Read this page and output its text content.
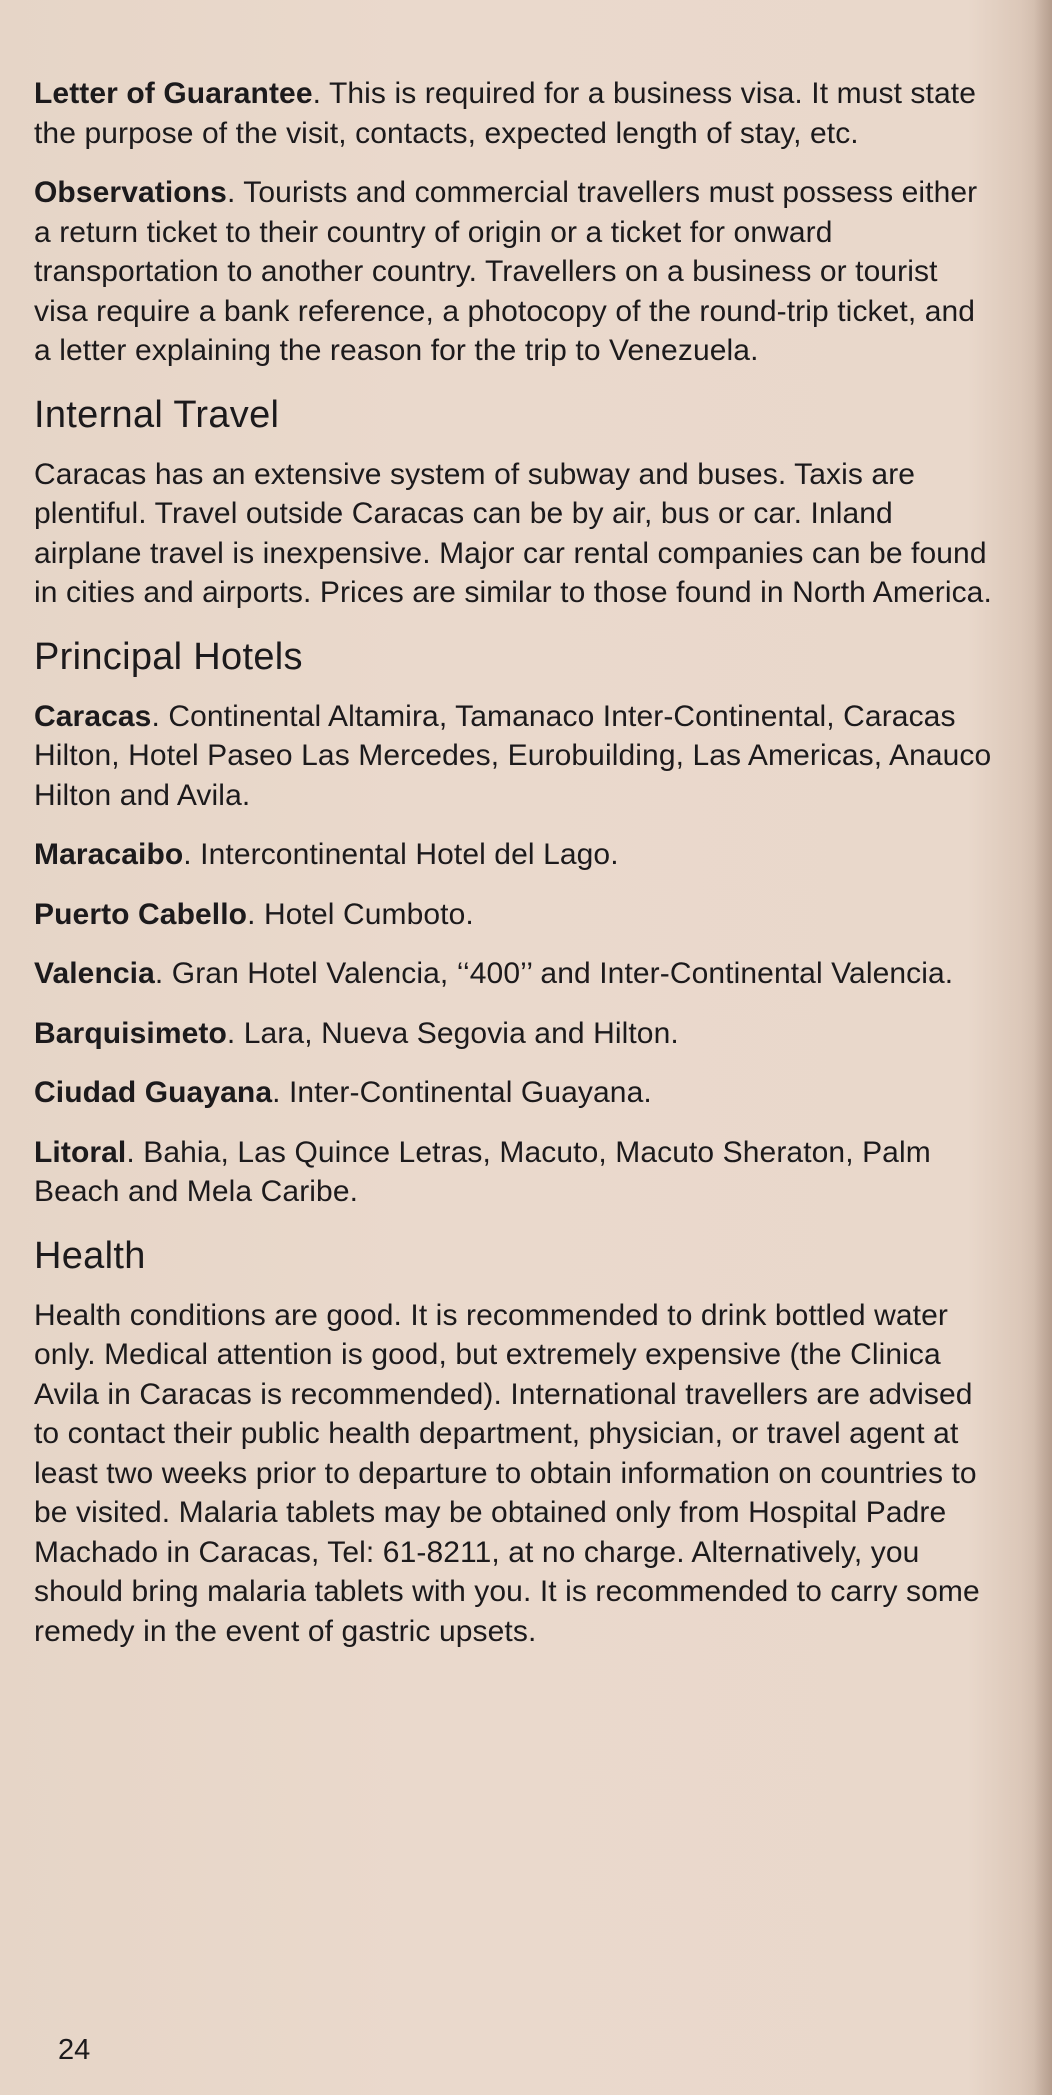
Letter of Guarantee. This is required for a business visa. It must state the purpose of the visit, contacts, expected length of stay, etc.

Observations. Tourists and commercial travellers must possess either a return ticket to their country of origin or a ticket for onward transportation to another country. Travellers on a business or tourist visa require a bank reference, a photocopy of the round-trip ticket, and a letter explaining the reason for the trip to Venezuela.

Internal Travel

Caracas has an extensive system of subway and buses. Taxis are plentiful. Travel outside Caracas can be by air, bus or car. Inland airplane travel is inexpensive. Major car rental companies can be found in cities and airports. Prices are similar to those found in North America.

Principal Hotels

Caracas. Continental Altamira, Tamanaco Inter-Continental, Caracas Hilton, Hotel Paseo Las Mercedes, Eurobuilding, Las Americas, Anauco Hilton and Avila.

Maracaibo. Intercontinental Hotel del Lago.

Puerto Cabello. Hotel Cumboto.

Valencia. Gran Hotel Valencia, ‘‘400’’ and Inter-Continental Valencia.

Barquisimeto. Lara, Nueva Segovia and Hilton.

Ciudad Guayana. Inter-Continental Guayana.

Litoral. Bahia, Las Quince Letras, Macuto, Macuto Sheraton, Palm Beach and Mela Caribe.

Health

Health conditions are good. It is recommended to drink bottled water only. Medical attention is good, but extremely expensive (the Clinica Avila in Caracas is recommended). International travellers are advised to contact their public health department, physician, or travel agent at least two weeks prior to departure to obtain information on countries to be visited. Malaria tablets may be obtained only from Hospital Padre Machado in Caracas, Tel: 61-8211, at no charge. Alternatively, you should bring malaria tablets with you. It is recommended to carry some remedy in the event of gastric upsets.

24
